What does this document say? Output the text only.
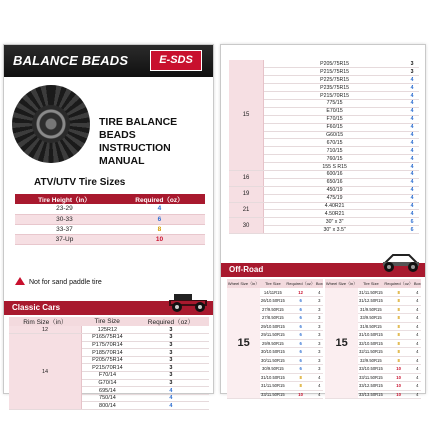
BALANCE BEADS	E-SDS
TIRE BALANCE BEADS
INSTRUCTION MANUAL
ATV/UTV Tire Sizes
Tire Height（in）	Required（oz）
23-29	4
30-33	6
33-37	8
37-Up	10
Not for sand paddle tire
Classic Cars
Rim Size（in）	Tire Size	Required（oz）
12	125R12	3
14	P165/75R14	3
	P175/70R14	3
	P185/70R14	3
	P205/75R14	3
	P215/70R14	3
	F70/14	3
	G70/14	3
	695/14	4
	750/14	4
	800/14	4
15	P205/75R15	3
	P215/75R15	3
	P225/75R15	4
	P235/75R15	4
	P215/70R15	4
	775/15	4
	E70/15	4
	F70/15	4
	F60/15	4
	G60/15	4
	670/15	4
	710/15	4
	760/15	4
	155 S R15	4
16	600/16	4
	650/16	4
19	450/19	4
	475/19	4
21	4.40R21	4
	4.50R21	4
30	30" x 3"	6
	30" x 3.5"	6
Off-Road
Wheel Size（in）	Tire Size	Required（oz）	Box
15	14/11R15	12	4
	26/10.50R15	6	3
	27/9.50R15	6	3
	27/8.50R15	6	3
	29/10.50R15	6	3
	29/11.50R15	6	3
	29/9.50R15	6	3
	30/10.50R15	6	3
	30/11.50R15	6	3
	30/9.50R15	6	3
	31/10.50R15	8	4
	31/11.50R15	8	4
	33/11.50R15	10	4
Wheel Size（in）	Tire Size	Required（oz）	Box
15	31/11.50R15	8	4
	31/12.50R15	8	4
	31/9.50R15	8	4
	33/9.50R15	8	4
	31/8.50R15	8	4
	31/10.50R15	8	4
	32/10.50R15	8	4
	32/11.50R15	8	4
	32/9.50R15	8	4
	33/10.50R15	10	4
	33/11.50R15	10	4
	33/12.50R15	10	4
	33/13.50R15	10	4
